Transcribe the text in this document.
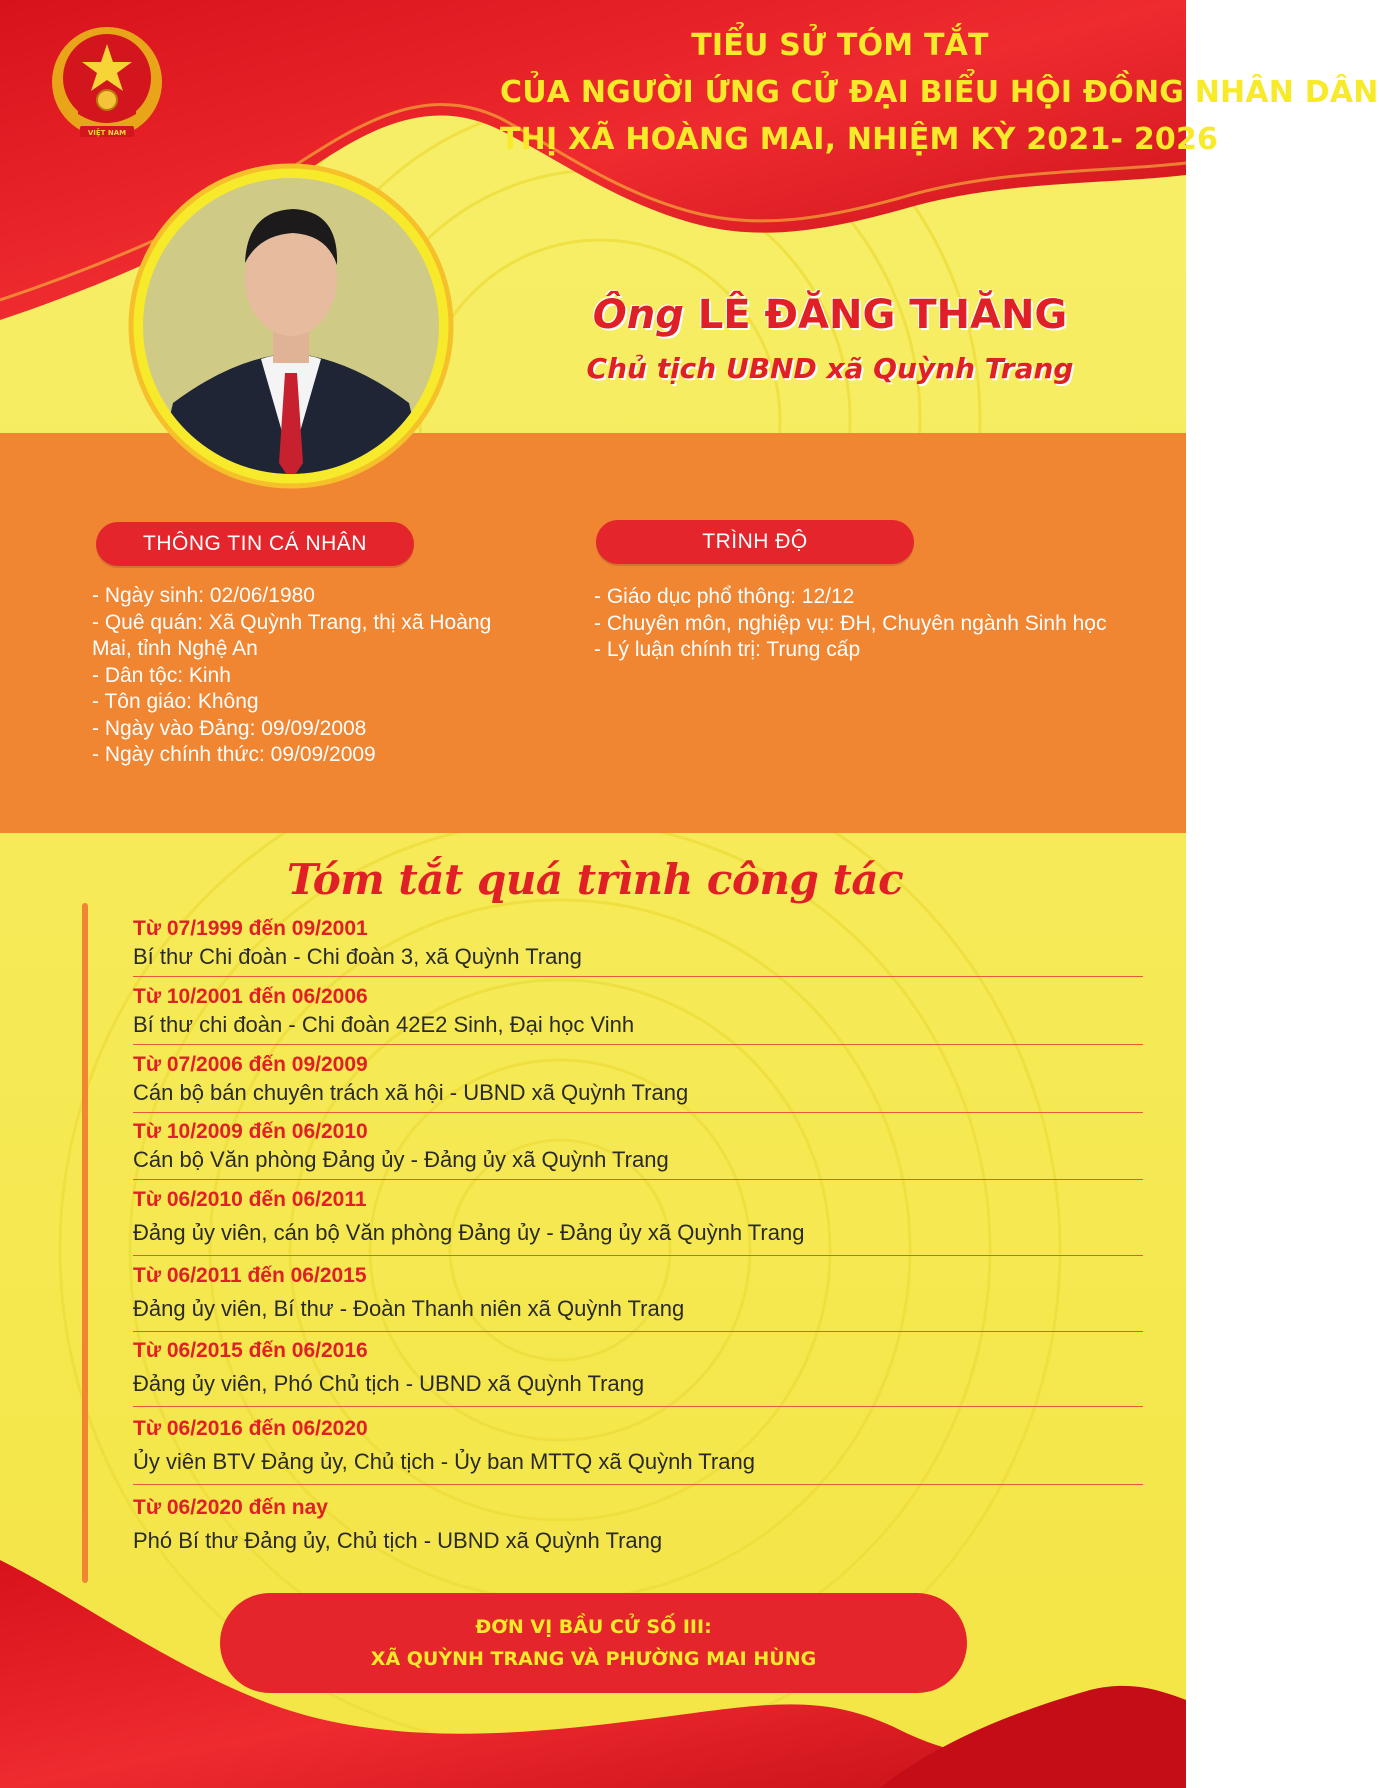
VIỆT NAM
TIỂU SỬ TÓM TẮT
CỦA NGƯỜI ỨNG CỬ ĐẠI BIỂU HỘI ĐỒNG NHÂN DÂN
THỊ XÃ HOÀNG MAI, NHIỆM KỲ 2021- 2026
Ông LÊ ĐĂNG THĂNG
Chủ tịch UBND xã Quỳnh Trang
THÔNG TIN CÁ NHÂN
- Ngày sinh: 02/06/1980
- Quê quán: Xã Quỳnh Trang, thị xã Hoàng Mai, tỉnh Nghệ An
- Dân tộc: Kinh
- Tôn giáo: Không
- Ngày vào Đảng: 09/09/2008
- Ngày chính thức: 09/09/2009
TRÌNH ĐỘ
- Giáo dục phổ thông: 12/12
- Chuyên môn, nghiệp vụ: ĐH, Chuyên ngành Sinh học
- Lý luận chính trị: Trung cấp
Tóm tắt quá trình công tác
Từ 07/1999 đến 09/2001
Bí thư Chi đoàn - Chi đoàn 3, xã Quỳnh Trang
Từ 10/2001 đến 06/2006
Bí thư chi đoàn - Chi đoàn 42E2 Sinh, Đại học Vinh
Từ 07/2006 đến 09/2009
Cán bộ bán chuyên trách xã hội - UBND xã Quỳnh Trang
Từ 10/2009 đến 06/2010
Cán bộ Văn phòng Đảng ủy - Đảng ủy xã Quỳnh Trang
Từ 06/2010 đến 06/2011
Đảng ủy viên, cán bộ Văn phòng Đảng ủy - Đảng ủy xã Quỳnh Trang
Từ 06/2011 đến 06/2015
Đảng ủy viên, Bí thư - Đoàn Thanh niên xã Quỳnh Trang
Từ 06/2015 đến 06/2016
Đảng ủy viên, Phó Chủ tịch - UBND xã Quỳnh Trang
Từ 06/2016 đến 06/2020
Ủy viên BTV Đảng ủy, Chủ tịch - Ủy ban MTTQ xã Quỳnh Trang
Từ 06/2020 đến nay
Phó Bí thư Đảng ủy, Chủ tịch - UBND xã Quỳnh Trang
ĐƠN VỊ BẦU CỬ SỐ III:
XÃ QUỲNH TRANG VÀ PHƯỜNG MAI HÙNG
